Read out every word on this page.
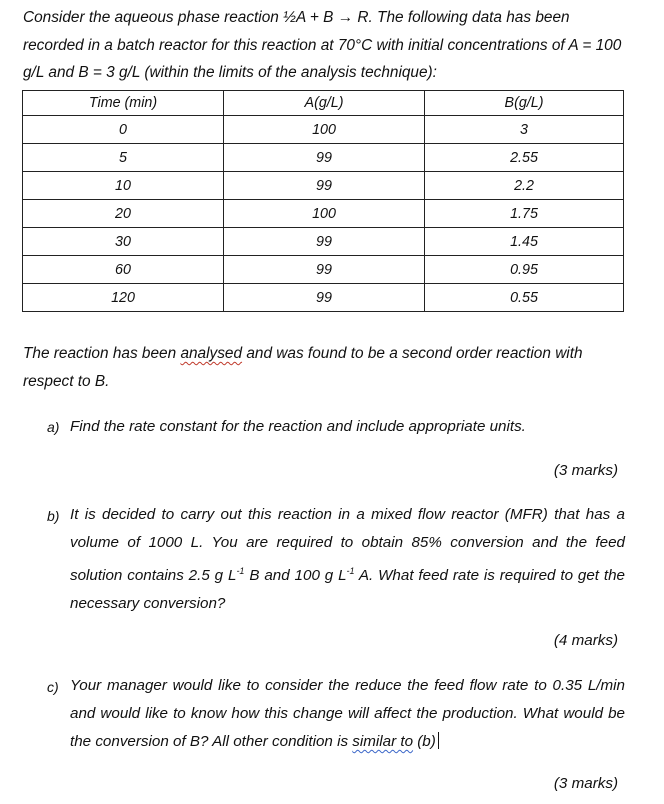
Consider the aqueous phase reaction ½A + B → R. The following data has been recorded in a batch reactor for this reaction at 70°C with initial concentrations of A = 100 g/L and B = 3 g/L (within the limits of the analysis technique):
Time (min)	A(g/L)	B(g/L)
0	100	3
5	99	2.55
10	99	2.2
20	100	1.75
30	99	1.45
60	99	0.95
120	99	0.55
The reaction has been analysed and was found to be a second order reaction with respect to B.
a) Find the rate constant for the reaction and include appropriate units.
(3 marks)
b) It is decided to carry out this reaction in a mixed flow reactor (MFR) that has a volume of 1000 L. You are required to obtain 85% conversion and the feed solution contains 2.5 g $L^{-1}$ B and 100 g $L^{-1}$ A. What feed rate is required to get the necessary conversion?
(4 marks)
c) Your manager would like to consider the reduce the feed flow rate to 0.35 L/min and would like to know how this change will affect the production. What would be the conversion of B? All other condition is similar to (b)
(3 marks)
